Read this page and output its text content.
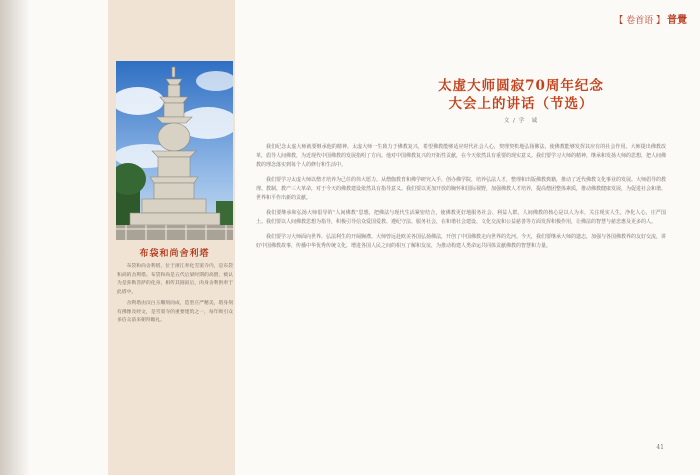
布袋和尚舍利塔

布袋和尚舍利塔，位于浙江奉化雪窦寺内，是布袋和尚的舍利塔。布袋和尚是五代后梁时期的高僧，被认为是弥勒菩萨的化身，相传其圆寂后，肉身舍利供奉于此塔中。

舍利塔由汉白玉雕刻而成，造型庄严精美，塔身刻有佛像及经文，是雪窦寺的重要建筑之一，每年吸引众多信众前来朝拜瞻礼。

【 卷首语 】 普覺
太虚大师圆寂70周年纪念
大会上的讲话（节选）
文 / 学　诚

我们纪念太虚大师就要继承他的精神。太虚大师一生致力于佛教复兴，希望佛教能够适应时代社会人心，契理契机地弘扬佛法，使佛教能够发挥其应有的社会作用。大师提出佛教改革，倡导人间佛教，为近现代中国佛教的发展指明了方向。他对中国佛教复兴的开拓性贡献，在今天依然具有重要的现实意义。我们要学习大师的精神，继承和发扬大师的思想，把人间佛教的理念落实到每个人的修行和生活中。

我们要学习太虚大师以僧才培养为己任的伟大愿力。从僧伽教育和佛学研究入手，创办佛学院，培养弘法人才，整理和出版佛教典籍，推动了近代佛教文化事业的发展。大师倡导的教理、教制、教产三大革命，对于今天的佛教建设依然具有指导意义。我们要以更加开放的胸怀和国际视野，加强佛教人才培养，提高僧团整体素质，推动佛教健康发展，为促进社会和谐、世界和平作出新的贡献。

我们要继承和弘扬大师倡导的“人间佛教”思想，把佛法与现代生活紧密结合，使佛教更好地服务社会、利益人群。人间佛教的核心是以人为本，关注现实人生，净化人心，庄严国土。我们要以人间佛教思想为指导，积极引导信众爱国爱教、遵纪守法、服务社会，在和谐社会建设、文化交流和公益慈善等方面发挥积极作用，让佛法的智慧与慈悲惠及更多的人。

我们要学习大师面向世界、弘法利生的开阔胸襟。大师曾远赴欧美各国弘扬佛法，开创了中国佛教走向世界的先河。今天，我们要继承大师的遗志，加强与各国佛教界的友好交流，讲好中国佛教故事，传播中华优秀传统文化，增进各国人民之间的相互了解和友谊，为推动构建人类命运共同体贡献佛教的智慧和力量。

41
